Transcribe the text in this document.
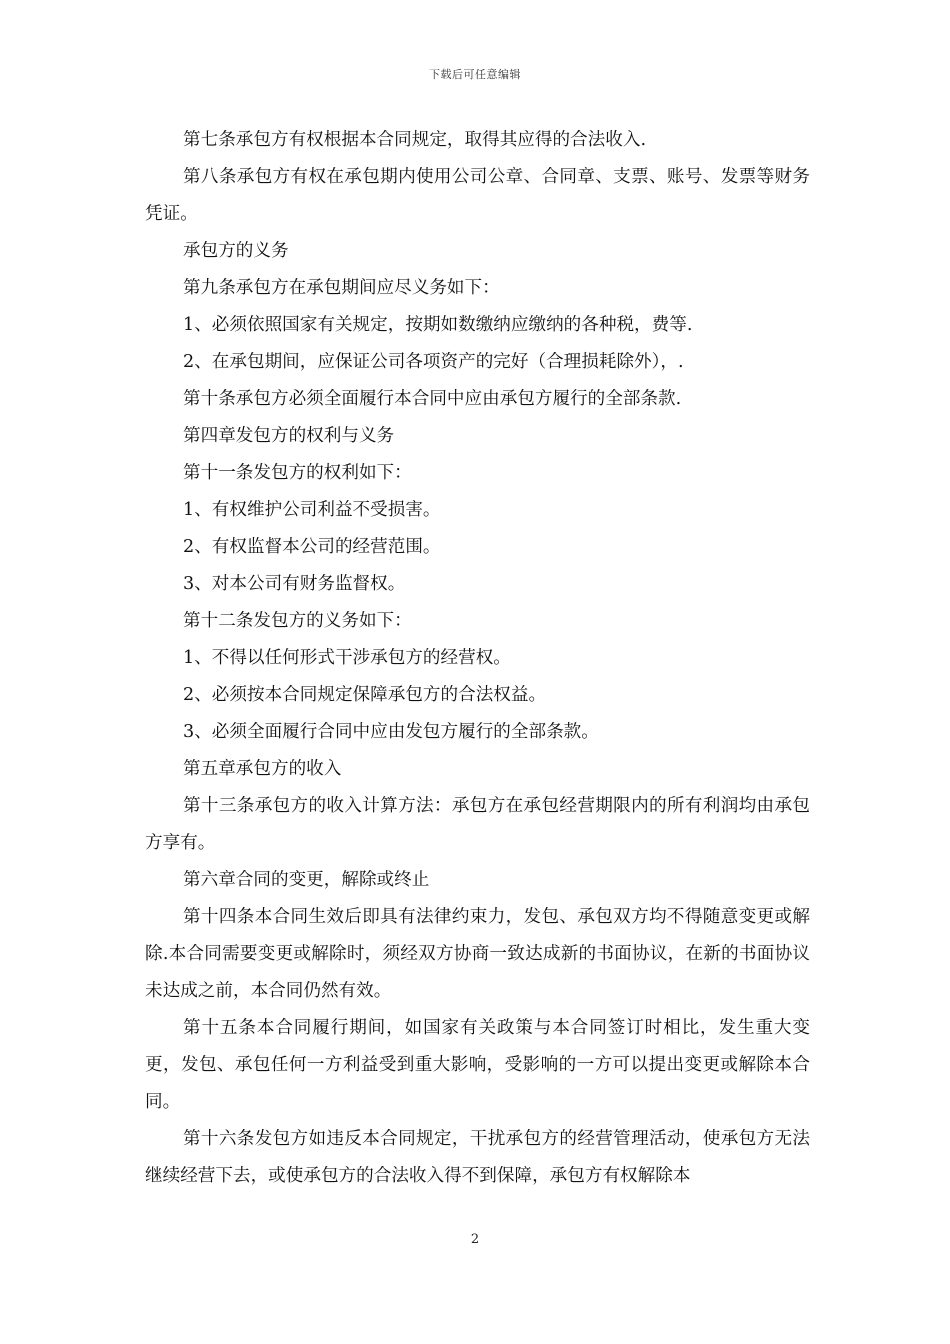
下载后可任意编辑

第七条承包方有权根据本合同规定，取得其应得的合法收入.

第八条承包方有权在承包期内使用公司公章、合同章、支票、账号、发票等财务凭证。

承包方的义务

第九条承包方在承包期间应尽义务如下：

1、必须依照国家有关规定，按期如数缴纳应缴纳的各种税，费等.

2、在承包期间，应保证公司各项资产的完好（合理损耗除外），.

第十条承包方必须全面履行本合同中应由承包方履行的全部条款.

第四章发包方的权利与义务

第十一条发包方的权利如下：

1、有权维护公司利益不受损害。

2、有权监督本公司的经营范围。

3、对本公司有财务监督权。

第十二条发包方的义务如下：

1、不得以任何形式干涉承包方的经营权。

2、必须按本合同规定保障承包方的合法权益。

3、必须全面履行合同中应由发包方履行的全部条款。

第五章承包方的收入

第十三条承包方的收入计算方法：承包方在承包经营期限内的所有利润均由承包方享有。

第六章合同的变更，解除或终止

第十四条本合同生效后即具有法律约束力，发包、承包双方均不得随意变更或解除.本合同需要变更或解除时，须经双方协商一致达成新的书面协议，在新的书面协议未达成之前，本合同仍然有效。

第十五条本合同履行期间，如国家有关政策与本合同签订时相比，发生重大变更，发包、承包任何一方利益受到重大影响，受影响的一方可以提出变更或解除本合同。

第十六条发包方如违反本合同规定，干扰承包方的经营管理活动，使承包方无法继续经营下去，或使承包方的合法收入得不到保障，承包方有权解除本

2
